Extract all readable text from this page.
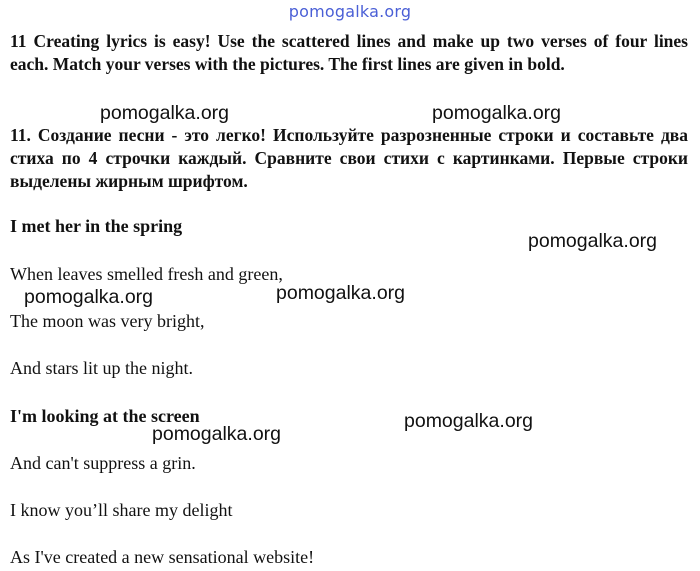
pomogalka.org
11 Creating lyrics is easy! Use the scattered lines and make up two verses of four lines each. Match your verses with the pictures. The first lines are given in bold.
11. Создание песни - это легко! Используйте разрозненные строки и составьте два стиха по 4 строчки каждый. Сравните свои стихи с картинками. Первые строки выделены жирным шрифтом.
I met her in the spring
When leaves smelled fresh and green,
The moon was very bright,
And stars lit up the night.
I'm looking at the screen
And can't suppress a grin.
I know you’ll share my delight
As I've created a new sensational website!
pomogalka.org	pomogalka.org
pomogalka.org
pomogalka.org	pomogalka.org
pomogalka.org
pomogalka.org
